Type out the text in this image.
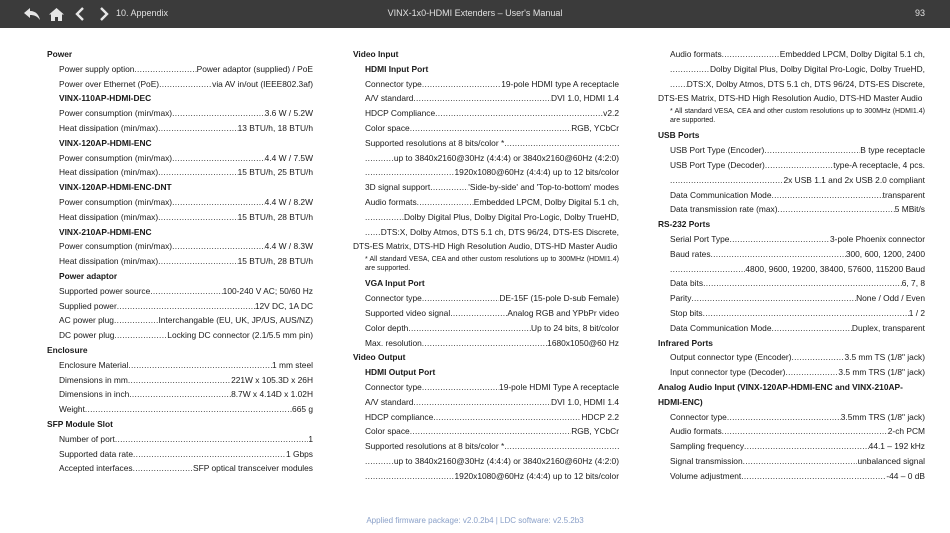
10. Appendix	VINX-1x0-HDMI Extenders – User's Manual	93
Power
Power supply option .....	Power adaptor (supplied) / PoE
Power over Ethernet (PoE) .....	via AV in/out (IEEE802.3af)
VINX-110AP-HDMI-DEC
Power consumption (min/max) .....	3.6 W / 5.2W
Heat dissipation (min/max) .....	13 BTU/h, 18 BTU/h
VINX-120AP-HDMI-ENC
Power consumption (min/max) .....	4.4 W / 7.5W
Heat dissipation (min/max) .....	15 BTU/h, 25 BTU/h
VINX-120AP-HDMI-ENC-DNT
Power consumption (min/max) .....	4.4 W / 8.2W
Heat dissipation (min/max) .....	15 BTU/h, 28 BTU/h
VINX-210AP-HDMI-ENC
Power consumption (min/max) .....	4.4 W / 8.3W
Heat dissipation (min/max) .....	15 BTU/h, 28 BTU/h
Power adaptor
Supported power source .....	100-240 V AC; 50/60 Hz
Supplied power .....	12V DC, 1A DC
AC power plug .....	Interchangable (EU, UK, JP/US, AUS/NZ)
DC power plug .....	Locking DC connector (2.1/5.5 mm pin)
Enclosure
Enclosure Material .....	1 mm steel
Dimensions in mm .....	221W x 105.3D x 26H
Dimensions in inch .....	8.7W x 4.14D x 1.02H
Weight .....	665 g
SFP Module Slot
Number of port .....	1
Supported data rate .....	1 Gbps
Accepted interfaces .....	SFP optical transceiver modules
Video Input
HDMI Input Port
Connector type .....	19-pole HDMI type A receptacle
A/V standard .....	DVI 1.0, HDMI 1.4
HDCP Compliance .....	v2.2
Color space .....	RGB, YCbCr
Supported resolutions at 8 bits/color *
.....
.....
up to 3840x2160@30Hz (4:4:4) or 3840x2160@60Hz (4:2:0)
.....
1920x1080@60Hz (4:4:4) up to 12 bits/color
3D signal support .....	'Side-by-side' and 'Top-to-bottom' modes
Audio formats .....	Embedded LPCM, Dolby Digital 5.1 ch,
.....
Dolby Digital Plus, Dolby Digital Pro-Logic, Dolby TrueHD,
.....
DTS:X, Dolby Atmos, DTS 5.1 ch, DTS 96/24, DTS-ES Discrete,
DTS-ES Matrix, DTS-HD High Resolution Audio, DTS-HD Master Audio
* All standard VESA, CEA and other custom resolutions up to 300MHz (HDMI1.4) are supported.
VGA Input Port
Connector type .....	DE-15F (15-pole D-sub Female)
Supported video signal .....	Analog RGB and YPbPr video
Color depth .....	Up to 24 bits, 8 bit/color
Max. resolution .....	1680x1050@60 Hz
Video Output
HDMI Output Port
Connector type .....	19-pole HDMI Type A receptacle
A/V standard .....	DVI 1.0, HDMI 1.4
HDCP compliance .....	HDCP 2.2
Color space .....	RGB, YCbCr
Supported resolutions at 8 bits/color *
.....
.....
up to 3840x2160@30Hz (4:4:4) or 3840x2160@60Hz (4:2:0)
.....
1920x1080@60Hz (4:4:4) up to 12 bits/color
Audio formats .....	Embedded LPCM, Dolby Digital 5.1 ch,
.....
Dolby Digital Plus, Dolby Digital Pro-Logic, Dolby TrueHD,
.....
DTS:X, Dolby Atmos, DTS 5.1 ch, DTS 96/24, DTS-ES Discrete,
DTS-ES Matrix, DTS-HD High Resolution Audio, DTS-HD Master Audio
* All standard VESA, CEA and other custom resolutions up to 300MHz (HDMI1.4) are supported.
USB Ports
USB Port Type (Encoder) .....	B type receptacle
USB Port Type (Decoder) .....	type-A receptacle, 4 pcs.
.....
2x USB 1.1 and 2x USB 2.0 compliant
Data Communication Mode .....	transparent
Data transmission rate (max) .....	5 MBit/s
RS-232 Ports
Serial Port Type .....	3-pole Phoenix connector
Baud rates .....	300, 600, 1200, 2400
.....
4800, 9600, 19200, 38400, 57600, 115200 Baud
Data bits .....	6, 7, 8
Parity .....	None / Odd / Even
Stop bits .....	1 / 2
Data Communication Mode .....	Duplex, transparent
Infrared Ports
Output connector type (Encoder) .....	3.5 mm TS (1/8" jack)
Input connector type (Decoder) .....	3.5 mm TRS (1/8" jack)
Analog Audio Input (VINX-120AP-HDMI-ENC and VINX-210AP-HDMI-ENC)
Connector type .....	3.5mm TRS (1/8" jack)
Audio formats .....	2-ch PCM
Sampling frequency .....	44.1 – 192 kHz
Signal transmission .....	unbalanced signal
Volume adjustment .....	-44 – 0 dB
Applied firmware package: v2.0.2b4 | LDC software: v2.5.2b3
